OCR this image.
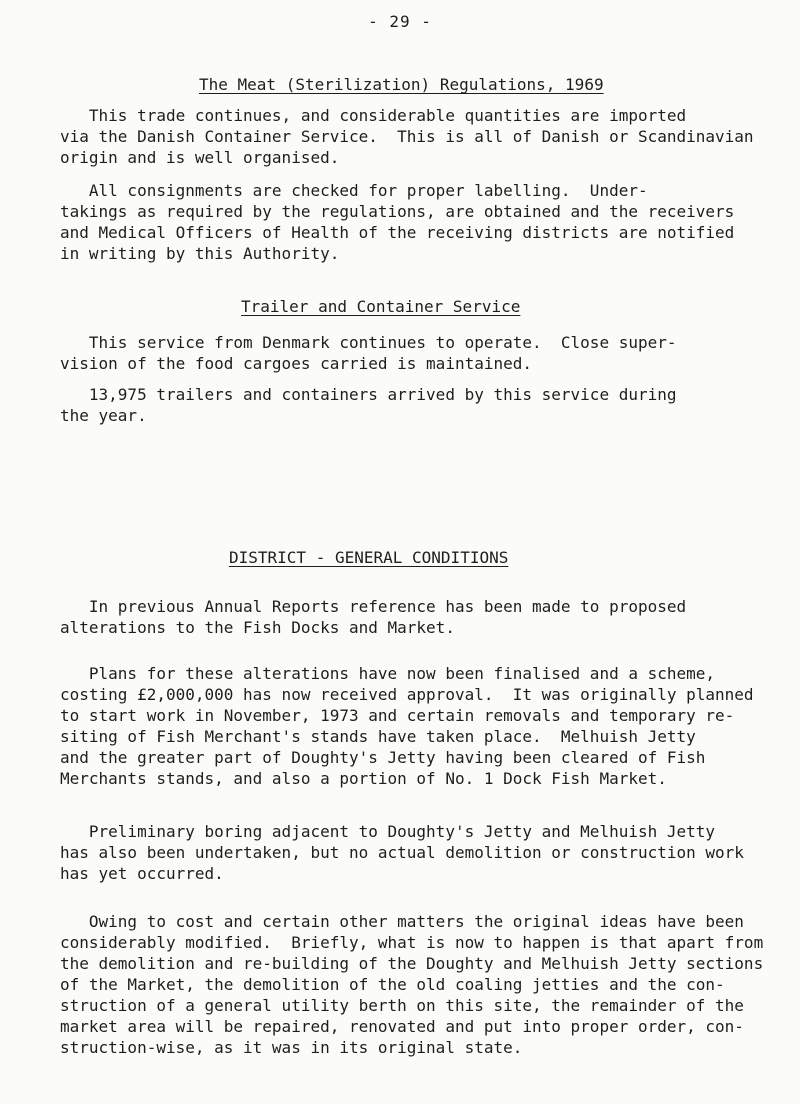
- 29 -
The Meat (Sterilization) Regulations, 1969

This trade continues, and considerable quantities are imported
via the Danish Container Service.  This is all of Danish or Scandinavian
origin and is well organised.

All consignments are checked for proper labelling.  Under-
takings as required by the regulations, are obtained and the receivers
and Medical Officers of Health of the receiving districts are notified
in writing by this Authority.

Trailer and Container Service

This service from Denmark continues to operate.  Close super-
vision of the food cargoes carried is maintained.

13,975 trailers and containers arrived by this service during
the year.

DISTRICT - GENERAL CONDITIONS

In previous Annual Reports reference has been made to proposed
alterations to the Fish Docks and Market.

Plans for these alterations have now been finalised and a scheme,
costing £2,000,000 has now received approval.  It was originally planned
to start work in November, 1973 and certain removals and temporary re-
siting of Fish Merchant's stands have taken place.  Melhuish Jetty
and the greater part of Doughty's Jetty having been cleared of Fish
Merchants stands, and also a portion of No. 1 Dock Fish Market.

Preliminary boring adjacent to Doughty's Jetty and Melhuish Jetty
has also been undertaken, but no actual demolition or construction work
has yet occurred.

Owing to cost and certain other matters the original ideas have been
considerably modified.  Briefly, what is now to happen is that apart from
the demolition and re-building of the Doughty and Melhuish Jetty sections
of the Market, the demolition of the old coaling jetties and the con-
struction of a general utility berth on this site, the remainder of the
market area will be repaired, renovated and put into proper order, con-
struction-wise, as it was in its original state.
